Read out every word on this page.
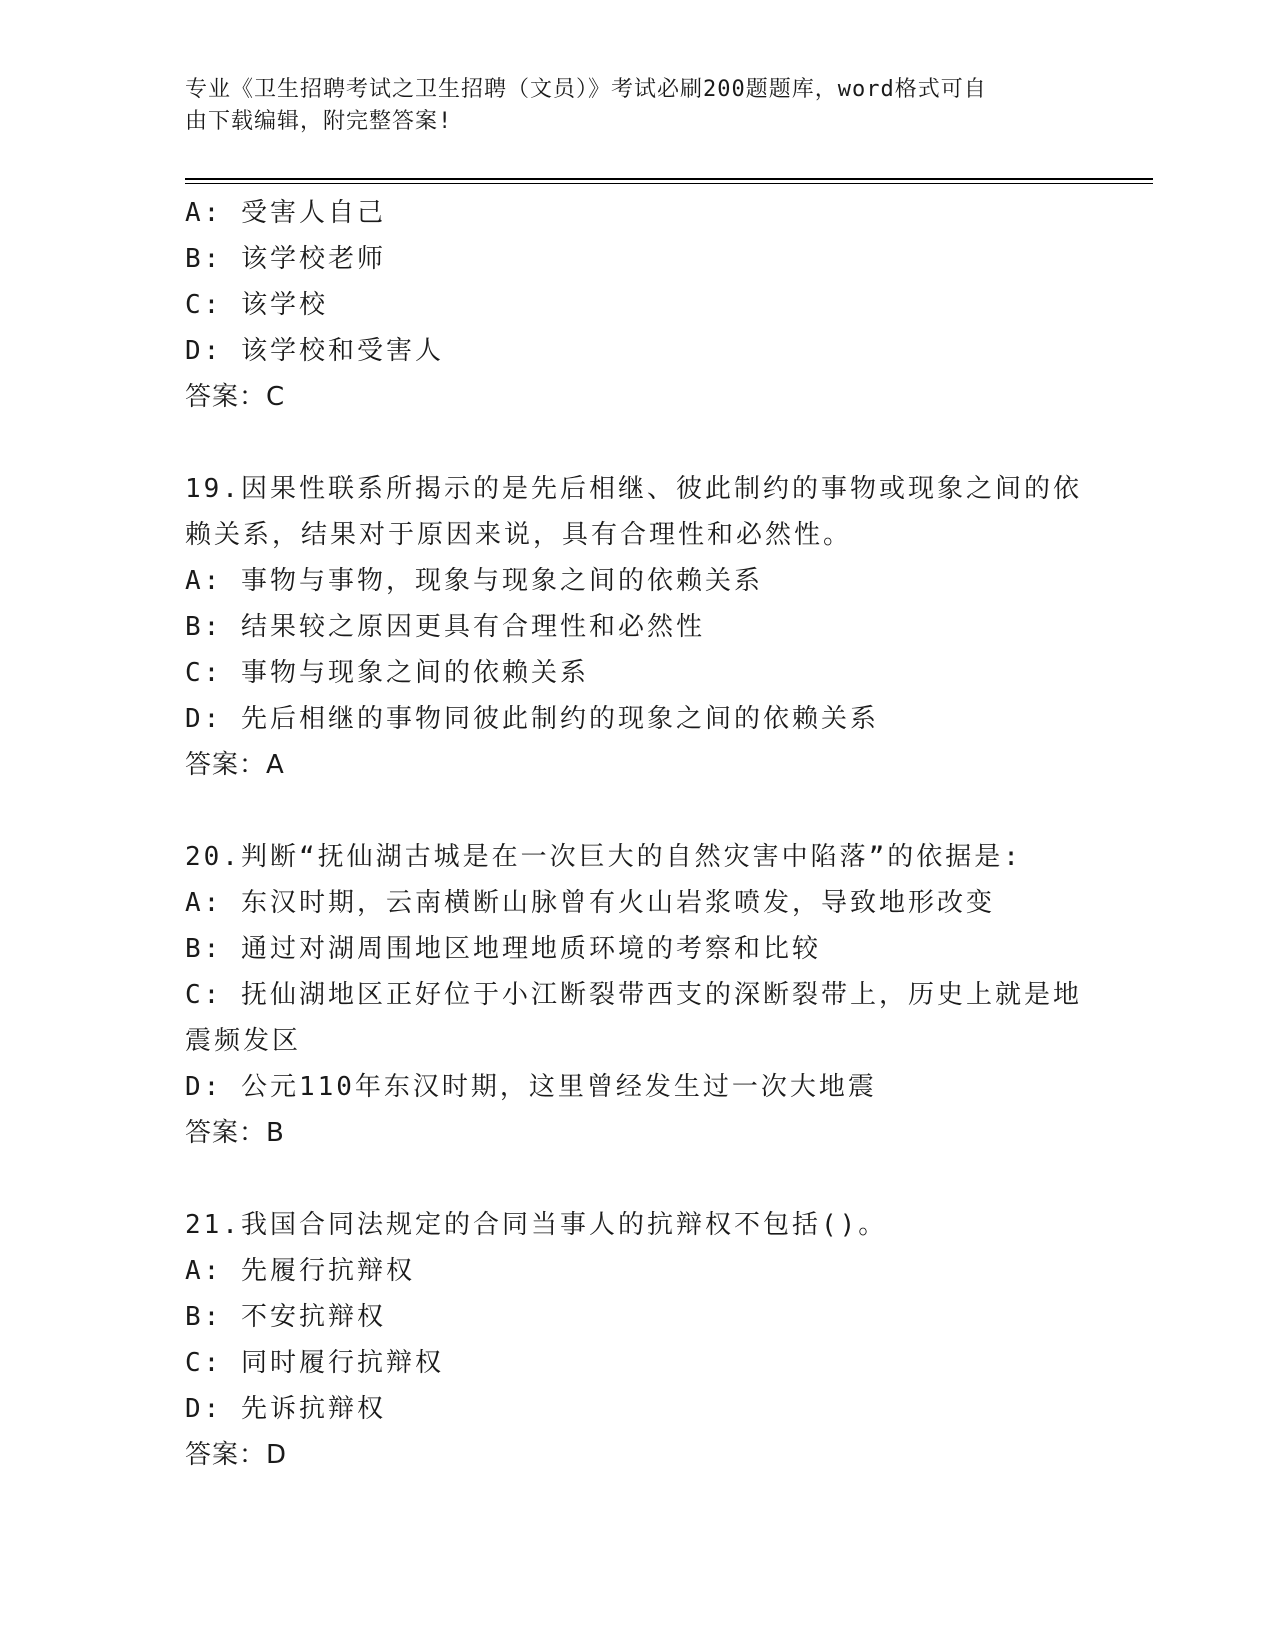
专业《卫生招聘考试之卫生招聘（文员）》考试必刷200题题库，word格式可自
由下载编辑，附完整答案!
A: 受害人自己
B: 该学校老师
C: 该学校
D: 该学校和受害人
答案：C
19.因果性联系所揭示的是先后相继、彼此制约的事物或现象之间的依
赖关系，结果对于原因来说，具有合理性和必然性。
A: 事物与事物，现象与现象之间的依赖关系
B: 结果较之原因更具有合理性和必然性
C: 事物与现象之间的依赖关系
D: 先后相继的事物同彼此制约的现象之间的依赖关系
答案：A
20.判断“抚仙湖古城是在一次巨大的自然灾害中陷落”的依据是:
A: 东汉时期，云南横断山脉曾有火山岩浆喷发，导致地形改变
B: 通过对湖周围地区地理地质环境的考察和比较
C: 抚仙湖地区正好位于小江断裂带西支的深断裂带上，历史上就是地
震频发区
D: 公元110年东汉时期，这里曾经发生过一次大地震
答案：B
21.我国合同法规定的合同当事人的抗辩权不包括()。
A: 先履行抗辩权
B: 不安抗辩权
C: 同时履行抗辩权
D: 先诉抗辩权
答案：D
